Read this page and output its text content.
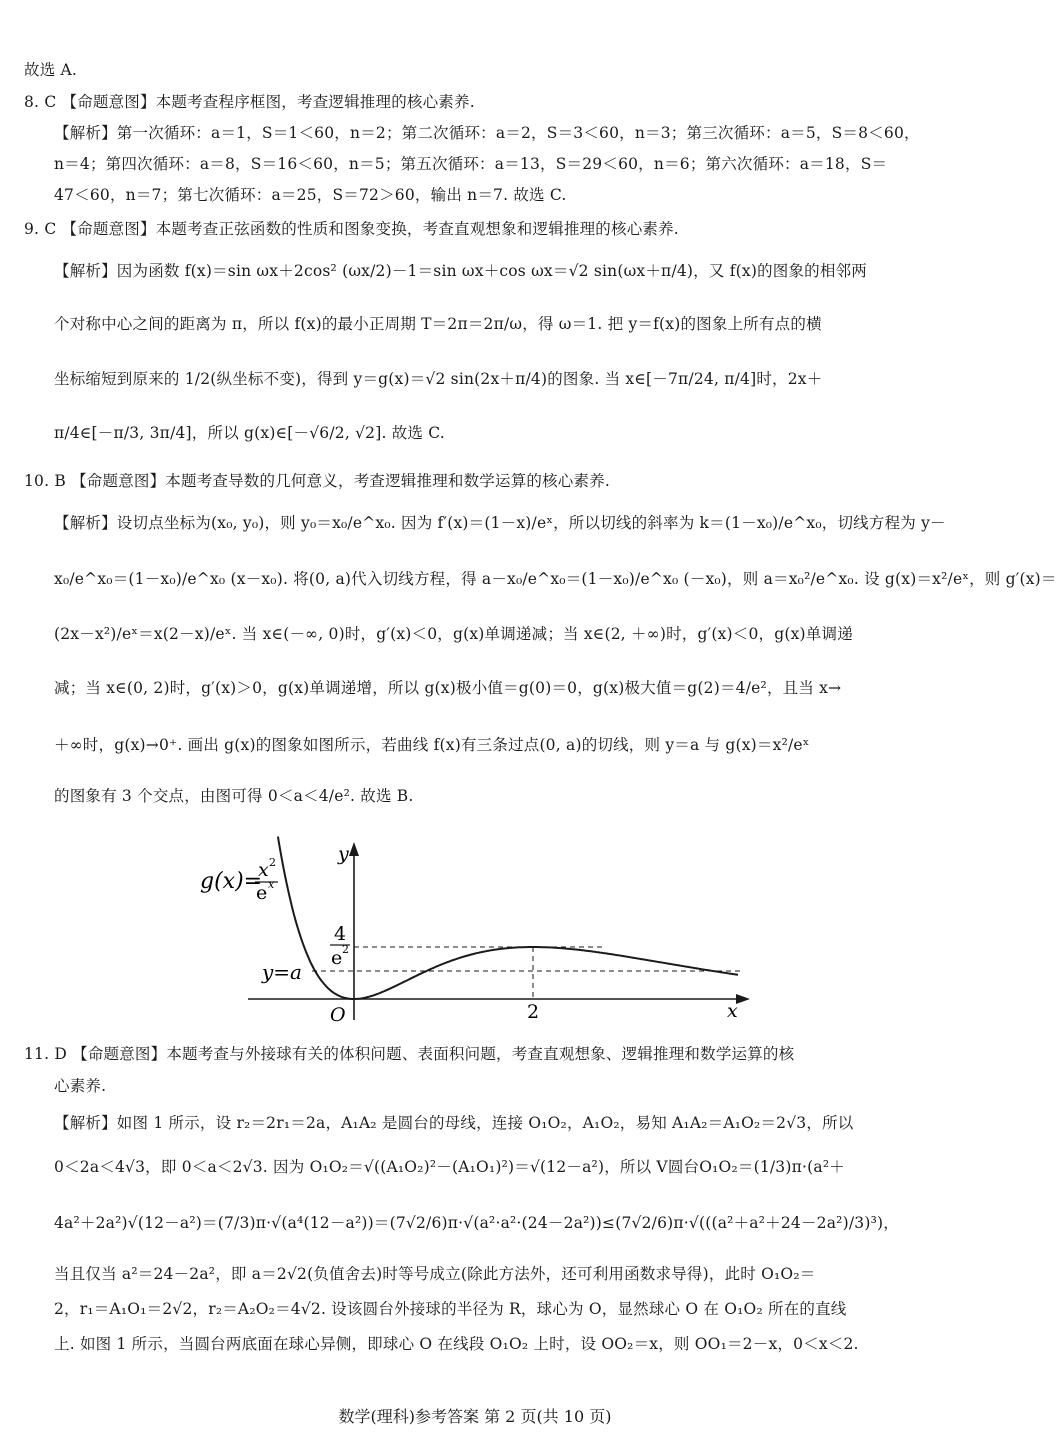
故选 A.
8. C 【命题意图】本题考查程序框图，考查逻辑推理的核心素养.
【解析】第一次循环：a＝1，S＝1＜60，n＝2；第二次循环：a＝2，S＝3＜60，n＝3；第三次循环：a＝5，S＝8＜60，
n＝4；第四次循环：a＝8，S＝16＜60，n＝5；第五次循环：a＝13，S＝29＜60，n＝6；第六次循环：a＝18，S＝
47＜60，n＝7；第七次循环：a＝25，S＝72＞60，输出 n＝7. 故选 C.
9. C 【命题意图】本题考查正弦函数的性质和图象变换，考查直观想象和逻辑推理的核心素养.
【解析】因为函数 f(x)＝sin ωx＋2cos² (ωx/2)－1＝sin ωx＋cos ωx＝√2 sin(ωx＋π/4)，又 f(x)的图象的相邻两
个对称中心之间的距离为 π，所以 f(x)的最小正周期 T＝2π＝2π/ω，得 ω＝1. 把 y＝f(x)的图象上所有点的横
坐标缩短到原来的 1/2(纵坐标不变)，得到 y＝g(x)＝√2 sin(2x＋π/4)的图象. 当 x∈[－7π/24, π/4]时，2x＋
π/4∈[－π/3, 3π/4]，所以 g(x)∈[－√6/2, √2]. 故选 C.
10. B 【命题意图】本题考查导数的几何意义，考查逻辑推理和数学运算的核心素养.
【解析】设切点坐标为(x₀, y₀)，则 y₀＝x₀/e^x₀. 因为 f′(x)＝(1－x)/eˣ，所以切线的斜率为 k＝(1－x₀)/e^x₀，切线方程为 y－
x₀/e^x₀＝(1－x₀)/e^x₀ (x－x₀). 将(0, a)代入切线方程，得 a－x₀/e^x₀＝(1－x₀)/e^x₀ (－x₀)，则 a＝x₀²/e^x₀. 设 g(x)＝x²/eˣ，则 g′(x)＝
(2x－x²)/eˣ＝x(2－x)/eˣ. 当 x∈(－∞, 0)时，g′(x)＜0，g(x)单调递减；当 x∈(2, ＋∞)时，g′(x)＜0，g(x)单调递
减；当 x∈(0, 2)时，g′(x)＞0，g(x)单调递增，所以 g(x)极小值＝g(0)＝0，g(x)极大值＝g(2)＝4/e²，且当 x→
＋∞时，g(x)→0⁺. 画出 g(x)的图象如图所示，若曲线 f(x)有三条过点(0, a)的切线，则 y＝a 与 g(x)＝x²/eˣ
的图象有 3 个交点，由图可得 0＜a＜4/e². 故选 B.
11. D 【命题意图】本题考查与外接球有关的体积问题、表面积问题，考查直观想象、逻辑推理和数学运算的核
心素养.
【解析】如图 1 所示，设 r₂＝2r₁＝2a，A₁A₂ 是圆台的母线，连接 O₁O₂，A₁O₂，易知 A₁A₂＝A₁O₂＝2√3，所以
0＜2a＜4√3，即 0＜a＜2√3. 因为 O₁O₂＝√((A₁O₂)²－(A₁O₁)²)＝√(12－a²)，所以 V圆台O₁O₂＝(1/3)π·(a²＋
4a²＋2a²)√(12－a²)＝(7/3)π·√(a⁴(12－a²))＝(7√2/6)π·√(a²·a²·(24－2a²))≤(7√2/6)π·√(((a²＋a²＋24－2a²)/3)³)，
当且仅当 a²＝24－2a²，即 a＝2√2(负值舍去)时等号成立(除此方法外，还可利用函数求导得)，此时 O₁O₂＝
2，r₁＝A₁O₁＝2√2，r₂＝A₂O₂＝4√2. 设该圆台外接球的半径为 R，球心为 O，显然球心 O 在 O₁O₂ 所在的直线
上. 如图 1 所示，当圆台两底面在球心异侧，即球心 O 在线段 O₁O₂ 上时，设 OO₂＝x，则 OO₁＝2－x，0＜x＜2.
g(x)=
x 2
e x
y=a
y
x
O	2
4
e 2
数学(理科)参考答案 第 2 页(共 10 页)
